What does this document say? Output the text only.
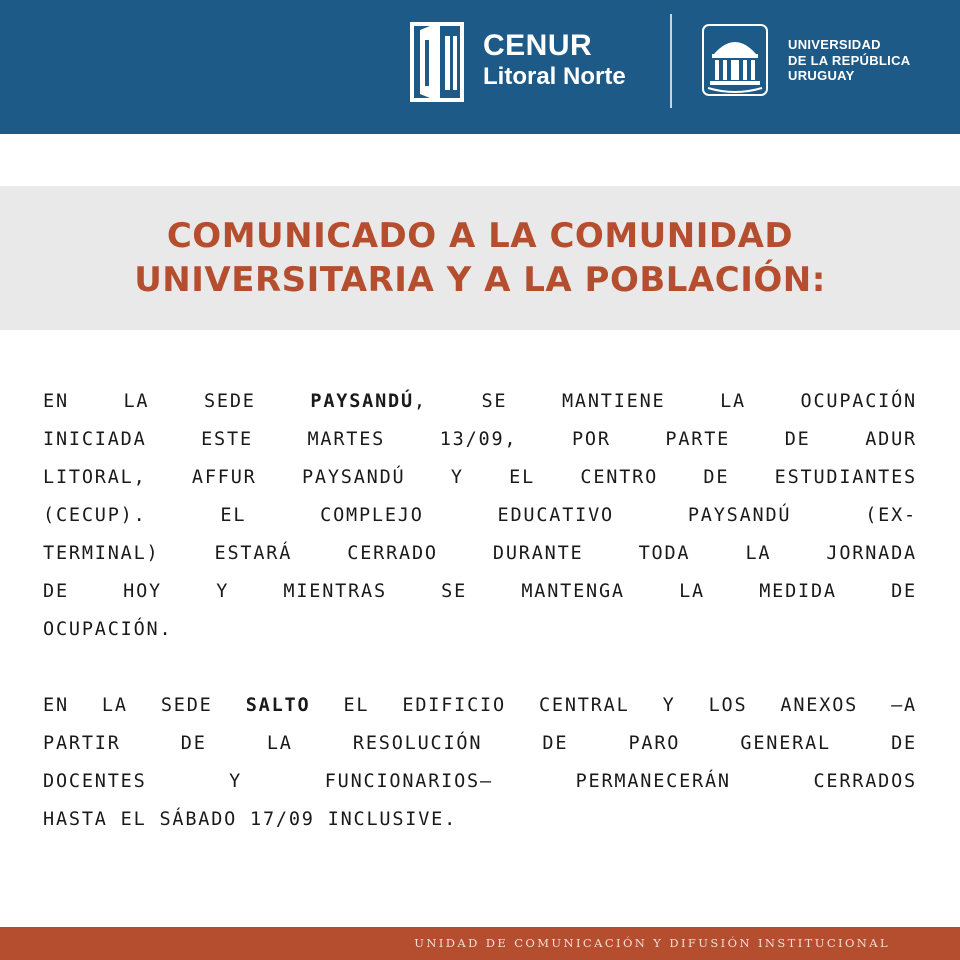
CENUR
Litoral Norte
UNIVERSIDAD
DE LA REPÚBLICA
URUGUAY
COMUNICADO A LA COMUNIDAD
UNIVERSITARIA Y A LA POBLACIÓN:
EN LA SEDE PAYSANDÚ, SE MANTIENE LA OCUPACIÓN
INICIADA ESTE MARTES 13/09, POR PARTE DE ADUR
LITORAL, AFFUR PAYSANDÚ Y EL CENTRO DE ESTUDIANTES
(CECUP). EL COMPLEJO EDUCATIVO PAYSANDÚ (EX-
TERMINAL) ESTARÁ CERRADO DURANTE TODA LA JORNADA
DE HOY Y MIENTRAS SE MANTENGA LA MEDIDA DE
OCUPACIÓN.
EN LA SEDE SALTO EL EDIFICIO CENTRAL Y LOS ANEXOS –A
PARTIR DE LA RESOLUCIÓN DE PARO GENERAL DE
DOCENTES Y FUNCIONARIOS– PERMANECERÁN CERRADOS
HASTA EL SÁBADO 17/09 INCLUSIVE.
UNIDAD DE COMUNICACIÓN Y DIFUSIÓN INSTITUCIONAL
